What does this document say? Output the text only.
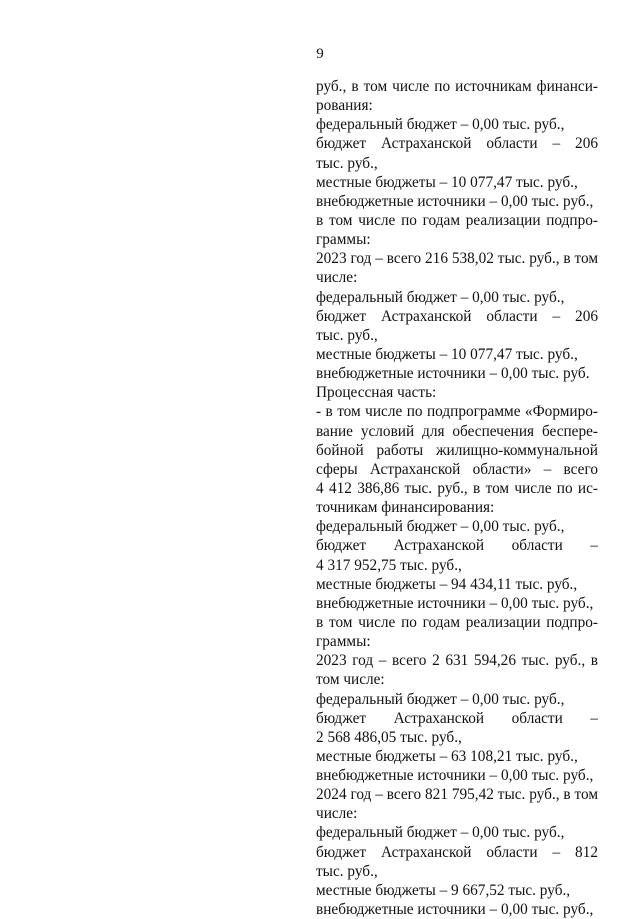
9
руб., в том числе по источникам финанси-
рования:
федеральный бюджет – 0,00 тыс. руб.,
бюджет Астраханской области – 206
тыс. руб.,
местные бюджеты – 10 077,47 тыс. руб.,
внебюджетные источники – 0,00 тыс. руб.,
в том числе по годам реализации подпро-
граммы:
2023 год – всего 216 538,02 тыс. руб., в том
числе:
федеральный бюджет – 0,00 тыс. руб.,
бюджет Астраханской области – 206
тыс. руб.,
местные бюджеты – 10 077,47 тыс. руб.,
внебюджетные источники – 0,00 тыс. руб.
Процессная часть:
- в том числе по подпрограмме «Формиро-
вание условий для обеспечения беспере-
бойной работы жилищно-коммунальной
сферы Астраханской области» – всего
4 412 386,86 тыс. руб., в том числе по ис-
точникам финансирования:
федеральный бюджет – 0,00 тыс. руб.,
бюджет Астраханской области –
4 317 952,75 тыс. руб.,
местные бюджеты – 94 434,11 тыс. руб.,
внебюджетные источники – 0,00 тыс. руб.,
в том числе по годам реализации подпро-
граммы:
2023 год – всего 2 631 594,26 тыс. руб., в
том числе:
федеральный бюджет – 0,00 тыс. руб.,
бюджет Астраханской области –
2 568 486,05 тыс. руб.,
местные бюджеты – 63 108,21 тыс. руб.,
внебюджетные источники – 0,00 тыс. руб.,
2024 год – всего 821 795,42 тыс. руб., в том
числе:
федеральный бюджет – 0,00 тыс. руб.,
бюджет Астраханской области – 812
тыс. руб.,
местные бюджеты – 9 667,52 тыс. руб.,
внебюджетные источники – 0,00 тыс. руб.,
